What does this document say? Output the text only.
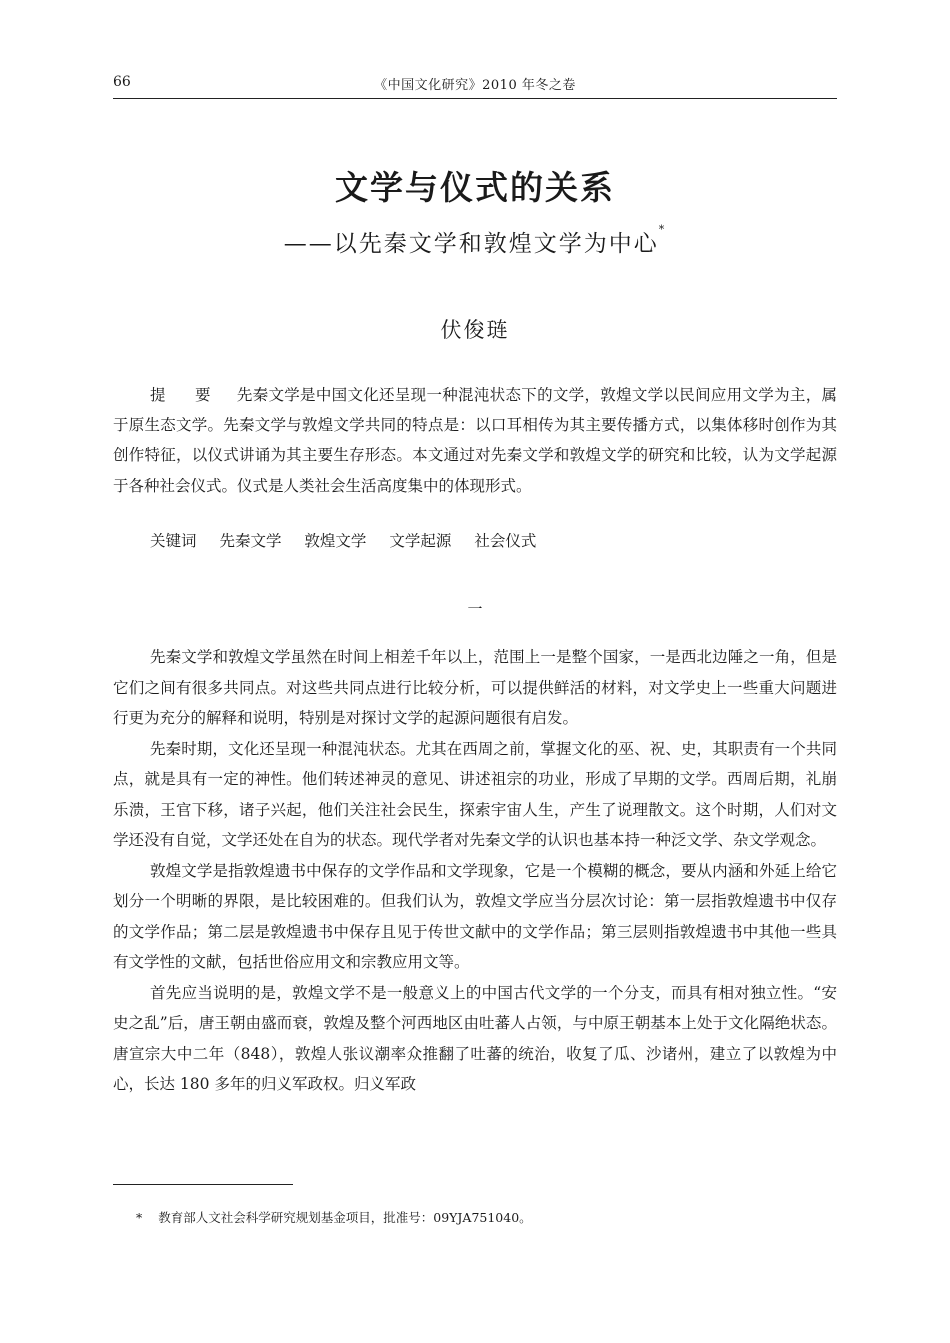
66	《中国文化研究》2010 年冬之卷
文学与仪式的关系
——以先秦文学和敦煌文学为中心*
伏俊琏
提 要 先秦文学是中国文化还呈现一种混沌状态下的文学，敦煌文学以民间应用文学为主，属于原生态文学。先秦文学与敦煌文学共同的特点是：以口耳相传为其主要传播方式，以集体移时创作为其创作特征，以仪式讲诵为其主要生存形态。本文通过对先秦文学和敦煌文学的研究和比较，认为文学起源于各种社会仪式。仪式是人类社会生活高度集中的体现形式。
关键词 先秦文学 敦煌文学 文学起源 社会仪式
一

先秦文学和敦煌文学虽然在时间上相差千年以上，范围上一是整个国家，一是西北边陲之一角，但是它们之间有很多共同点。对这些共同点进行比较分析，可以提供鲜活的材料，对文学史上一些重大问题进行更为充分的解释和说明，特别是对探讨文学的起源问题很有启发。

先秦时期，文化还呈现一种混沌状态。尤其在西周之前，掌握文化的巫、祝、史，其职责有一个共同点，就是具有一定的神性。他们转述神灵的意见、讲述祖宗的功业，形成了早期的文学。西周后期，礼崩乐溃，王官下移，诸子兴起，他们关注社会民生，探索宇宙人生，产生了说理散文。这个时期，人们对文学还没有自觉，文学还处在自为的状态。现代学者对先秦文学的认识也基本持一种泛文学、杂文学观念。

敦煌文学是指敦煌遗书中保存的文学作品和文学现象，它是一个模糊的概念，要从内涵和外延上给它划分一个明晰的界限，是比较困难的。但我们认为，敦煌文学应当分层次讨论：第一层指敦煌遗书中仅存的文学作品；第二层是敦煌遗书中保存且见于传世文献中的文学作品；第三层则指敦煌遗书中其他一些具有文学性的文献，包括世俗应用文和宗教应用文等。

首先应当说明的是，敦煌文学不是一般意义上的中国古代文学的一个分支，而具有相对独立性。“安史之乱”后，唐王朝由盛而衰，敦煌及整个河西地区由吐蕃人占领，与中原王朝基本上处于文化隔绝状态。唐宣宗大中二年（848），敦煌人张议潮率众推翻了吐蕃的统治，收复了瓜、沙诸州，建立了以敦煌为中心，长达 180 多年的归义军政权。归义军政

* 教育部人文社会科学研究规划基金项目，批准号：09YJA751040。
